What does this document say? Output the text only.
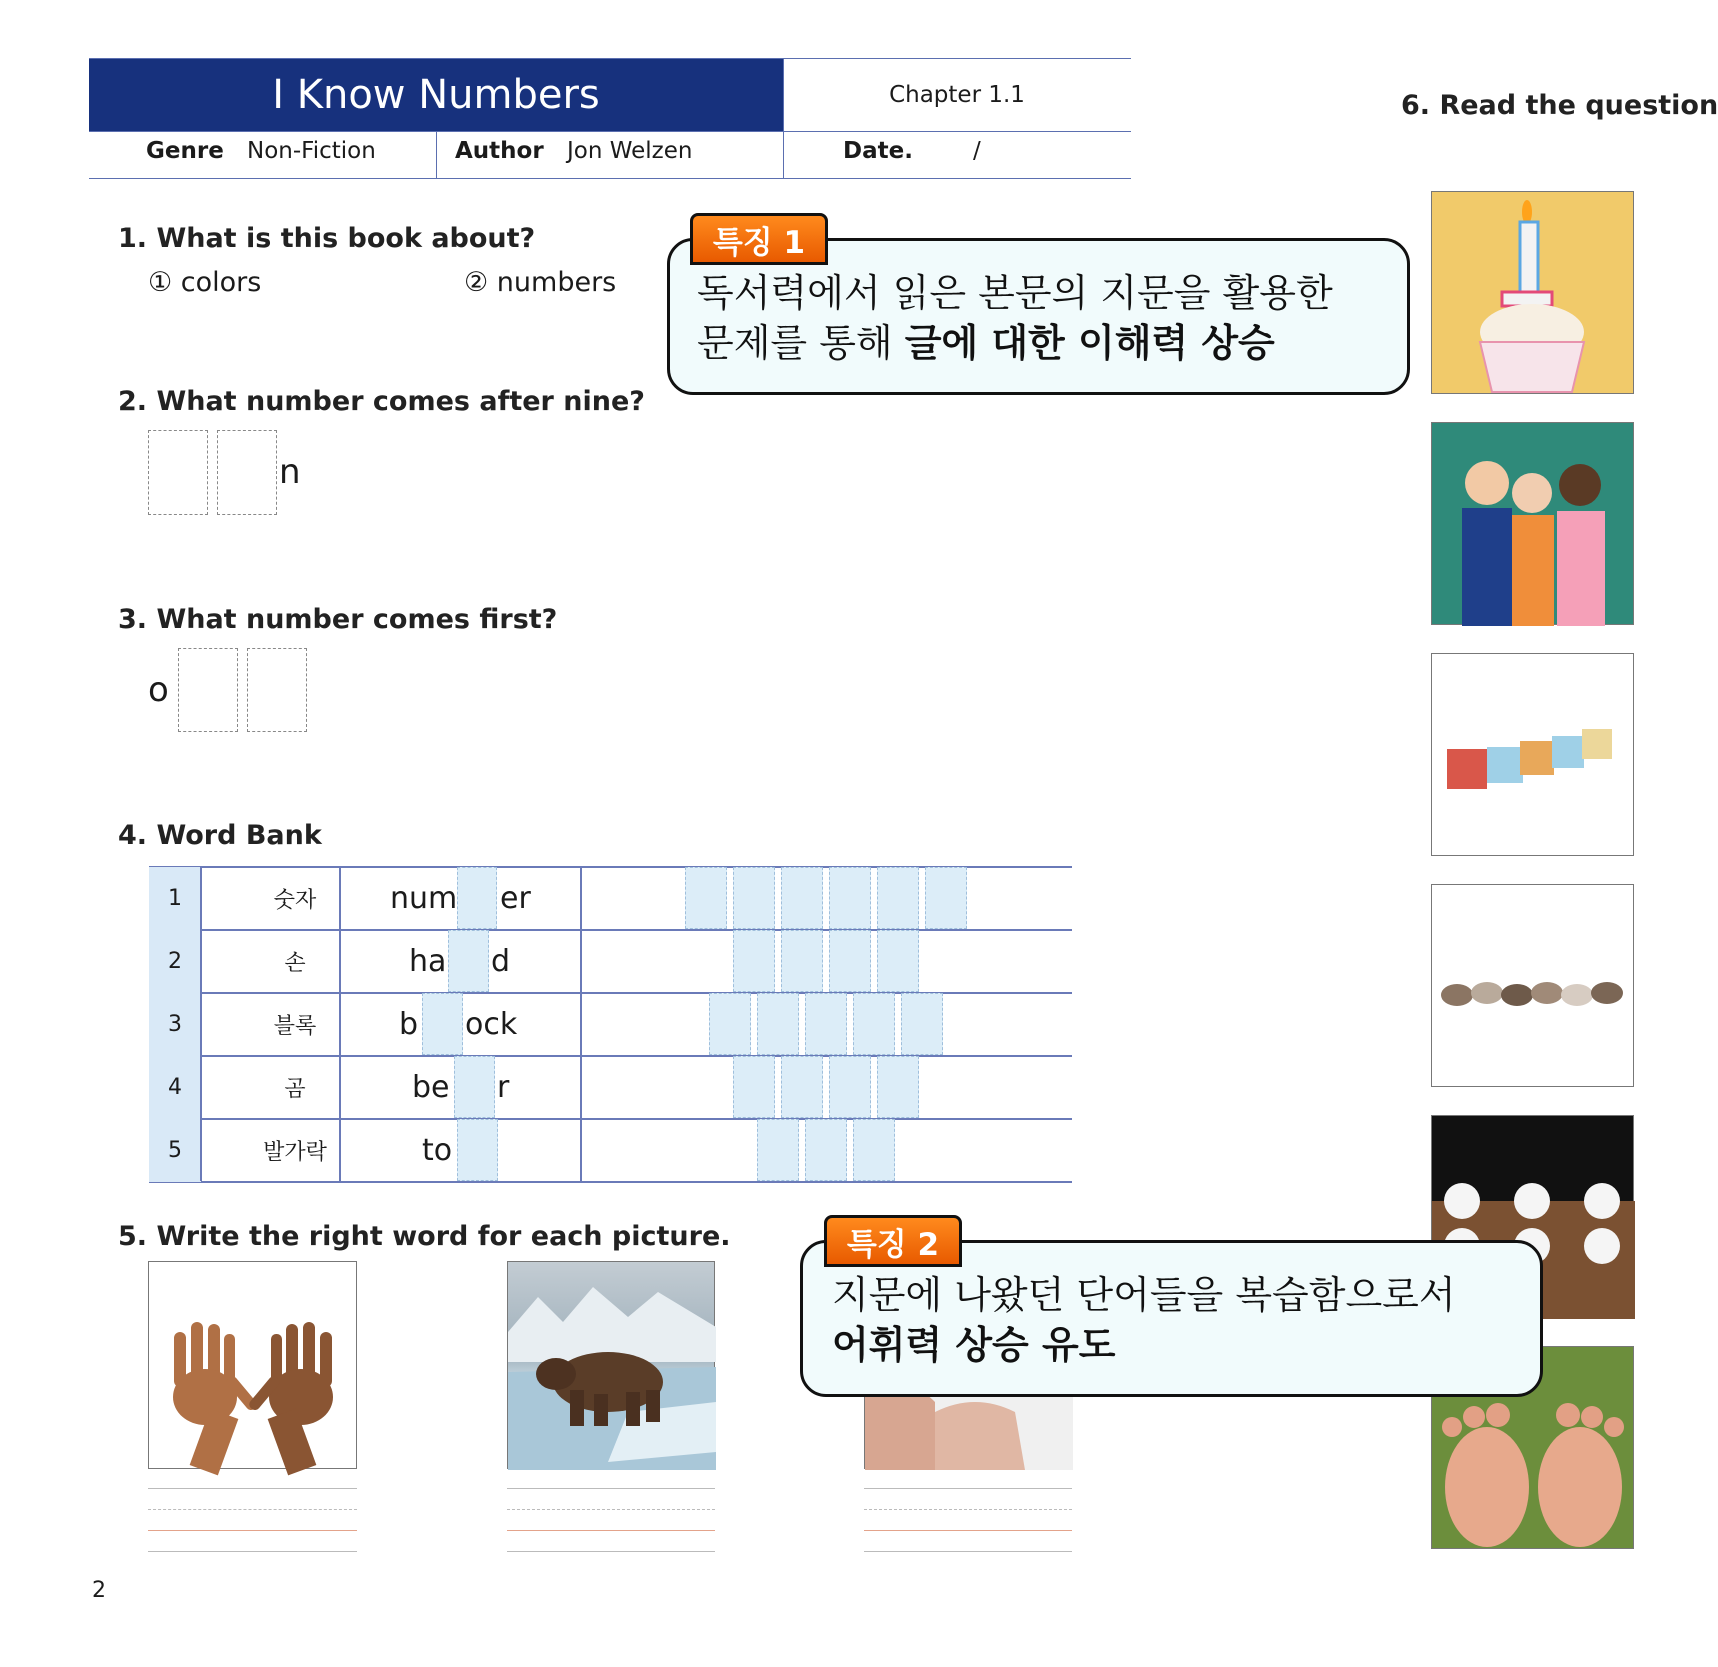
I Know Numbers	Chapter 1.1
Genre Non-Fiction	Author Jon Welzen	Date.	/
1. What is this book about?
① colors	② numbers
2. What number comes after nine?
n
3. What number comes first?
o
4. Word Bank
1	숫자	num er
2	손	ha d
3	블록	b ock
4	곰	be r
5	발가락	to
5. Write the right word for each picture.
6. Read the question
특징 1
독서력에서 읽은 본문의 지문을 활용한
문제를 통해 글에 대한 이해력 상승
특징 2
지문에 나왔던 단어들을 복습함으로서
어휘력 상승 유도
2
